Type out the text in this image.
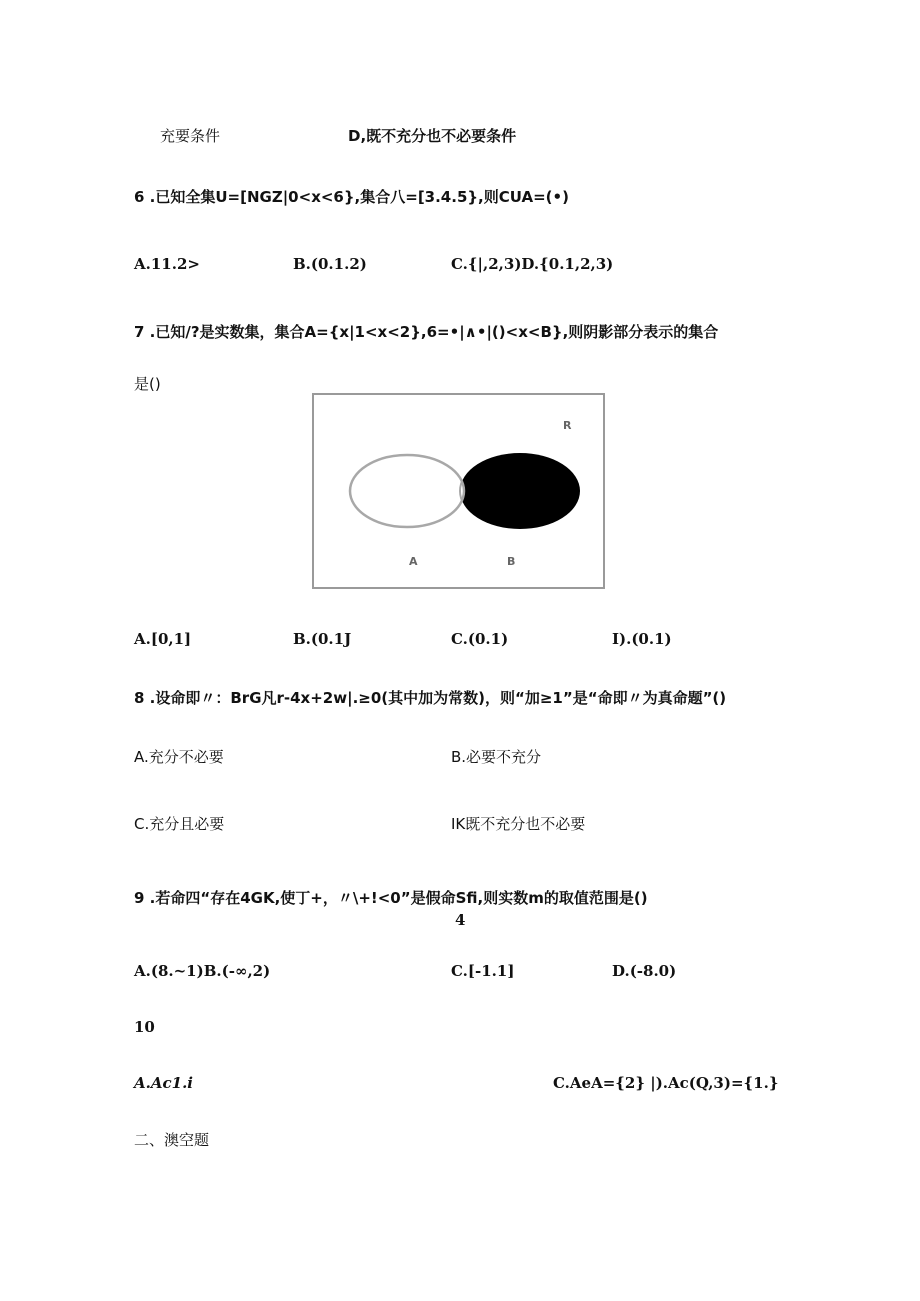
充要条件	D,既不充分也不必要条件
6 .已知全集U=[NGZ|0<x<6},集合八=[3.4.5},则CUA=(•)
A.11.2>	B.(0.1.2)	C.{|,2,3)D.{0.1,2,3)
7 .已知/?是实数集，集合A={x|1<x<2},6=•|∧•|()<x<B},则阴影部分表示的集合
是()
R
A	B
A.[0,1]	B.(0.1J	C.(0.1)	I).(0.1)
8 .设命即〃：BrG凡r-4x+2w|.≥0(其中加为常数)，则“加≥1”是“命即〃为真命题”()
A.充分不必要	B.必要不充分
C.充分且必要	IK既不充分也不必要
9 .若命四“存在4GK,使丁+，〃\+!<0”是假命Sfi,则实数m的取值范围是()
4
A.(8.~1)B.(-∞,2)	C.[-1.1]	D.(-8.0)
10
A.Ac1.i	C.AeA={2} |).Ac(Q,3)={1.}
二、澳空题
